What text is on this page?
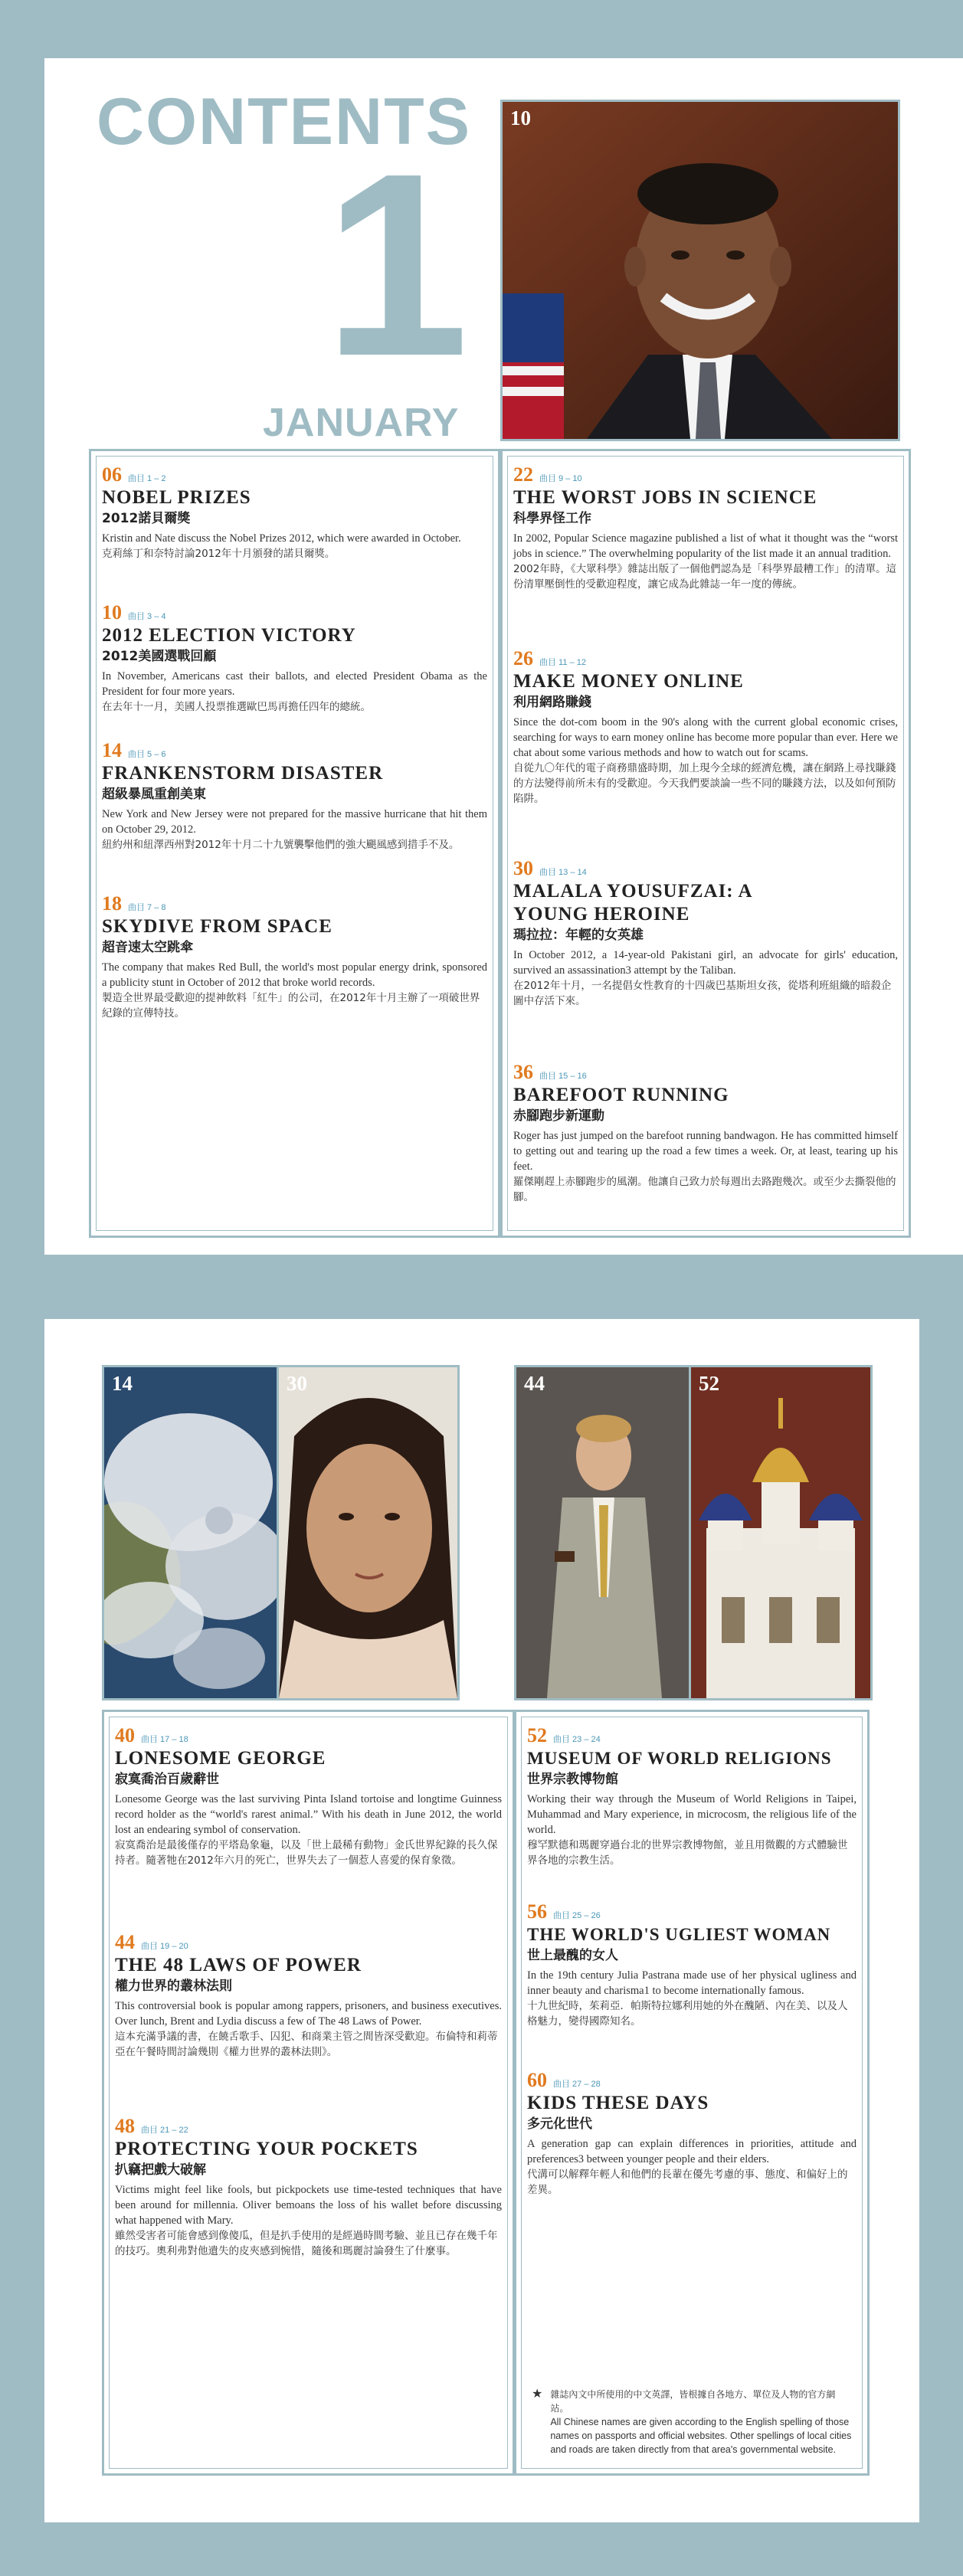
CONTENTS
1
JANUARY
10
06 曲目 1 – 2
NOBEL PRIZES
2012諾貝爾獎
Kristin and Nate discuss the Nobel Prizes 2012, which were awarded in October.
克莉絲丁和奈特討論2012年十月頒發的諾貝爾獎。
10 曲目 3 – 4
2012 ELECTION VICTORY
2012美國選戰回顧
In November, Americans cast their ballots, and elected President Obama as the President for four more years.
在去年十一月，美國人投票推選歐巴馬再擔任四年的總統。
14 曲目 5 – 6
FRANKENSTORM DISASTER
超級暴風重創美東
New York and New Jersey were not prepared for the massive hurricane that hit them on October 29, 2012.
紐約州和紐澤西州對2012年十月二十九號襲擊他們的強大颶風感到措手不及。
18 曲目 7 – 8
SKYDIVE FROM SPACE
超音速太空跳傘
The company that makes Red Bull, the world's most popular energy drink, sponsored a publicity stunt in October of 2012 that broke world records.
製造全世界最受歡迎的提神飲料「紅牛」的公司，在2012年十月主辦了一項破世界紀錄的宣傳特技。
22 曲目 9 – 10
THE WORST JOBS IN SCIENCE
科學界怪工作
In 2002, Popular Science magazine published a list of what it thought was the “worst jobs in science.” The overwhelming popularity of the list made it an annual tradition.
2002年時，《大眾科學》雜誌出版了一個他們認為是「科學界最糟工作」的清單。這份清單壓倒性的受歡迎程度，讓它成為此雜誌一年一度的傳統。
26 曲目 11 – 12
MAKE MONEY ONLINE
利用網路賺錢
Since the dot-com boom in the 90's along with the current global economic crises, searching for ways to earn money online has become more popular than ever. Here we chat about some various methods and how to watch out for scams.
自從九〇年代的電子商務鼎盛時期，加上現今全球的經濟危機，讓在網路上尋找賺錢的方法變得前所未有的受歡迎。今天我們要談論一些不同的賺錢方法，以及如何預防陷阱。
30 曲目 13 – 14
MALALA YOUSUFZAI: A YOUNG HEROINE
瑪拉拉：年輕的女英雄
In October 2012, a 14-year-old Pakistani girl, an advocate for girls' education, survived an assassination3 attempt by the Taliban.
在2012年十月，一名提倡女性教育的十四歲巴基斯坦女孩，從塔利班組織的暗殺企圖中存活下來。
36 曲目 15 – 16
BAREFOOT RUNNING
赤腳跑步新運動
Roger has just jumped on the barefoot running bandwagon. He has committed himself to getting out and tearing up the road a few times a week. Or, at least, tearing up his feet.
羅傑剛趕上赤腳跑步的風潮。他讓自己致力於每週出去路跑幾次。或至少去撕裂他的腳。
14	30	44	52
40 曲目 17 – 18
LONESOME GEORGE
寂寞喬治百歲辭世
Lonesome George was the last surviving Pinta Island tortoise and longtime Guinness record holder as the “world's rarest animal.” With his death in June 2012, the world lost an endearing symbol of conservation.
寂寞喬治是最後僅存的平塔島象龜，以及「世上最稀有動物」金氏世界紀錄的長久保持者。隨著牠在2012年六月的死亡，世界失去了一個惹人喜愛的保育象徵。
44 曲目 19 – 20
THE 48 LAWS OF POWER
權力世界的叢林法則
This controversial book is popular among rappers, prisoners, and business executives. Over lunch, Brent and Lydia discuss a few of The 48 Laws of Power.
這本充滿爭議的書，在饒舌歌手、囚犯、和商業主管之間皆深受歡迎。布倫特和莉蒂亞在午餐時間討論幾則《權力世界的叢林法則》。
48 曲目 21 – 22
PROTECTING YOUR POCKETS
扒竊把戲大破解
Victims might feel like fools, but pickpockets use time-tested techniques that have been around for millennia. Oliver bemoans the loss of his wallet before discussing what happened with Mary.
雖然受害者可能會感到像傻瓜，但是扒手使用的是經過時間考驗、並且已存在幾千年的技巧。奧利弗對他遺失的皮夾感到惋惜，隨後和瑪麗討論發生了什麼事。
52 曲目 23 – 24
MUSEUM OF WORLD RELIGIONS
世界宗教博物館
Working their way through the Museum of World Religions in Taipei, Muhammad and Mary experience, in microcosm, the religious life of the world.
穆罕默德和瑪麗穿過台北的世界宗教博物館，並且用微觀的方式體驗世界各地的宗教生活。
56 曲目 25 – 26
THE WORLD'S UGLIEST WOMAN
世上最醜的女人
In the 19th century Julia Pastrana made use of her physical ugliness and inner beauty and charisma1 to become internationally famous.
十九世紀時，茱莉亞．帕斯特拉娜利用她的外在醜陋、內在美、以及人格魅力，變得國際知名。
60 曲目 27 – 28
KIDS THESE DAYS
多元化世代
A generation gap can explain differences in priorities, attitude and preferences3 between younger people and their elders.
代溝可以解釋年輕人和他們的長輩在優先考慮的事、態度、和偏好上的差異。
★ 雜誌內文中所使用的中文英譯，皆根據自各地方、單位及人物的官方網站。
All Chinese names are given according to the English spelling of those names on passports and official websites. Other spellings of local cities and roads are taken directly from that area's governmental website.
